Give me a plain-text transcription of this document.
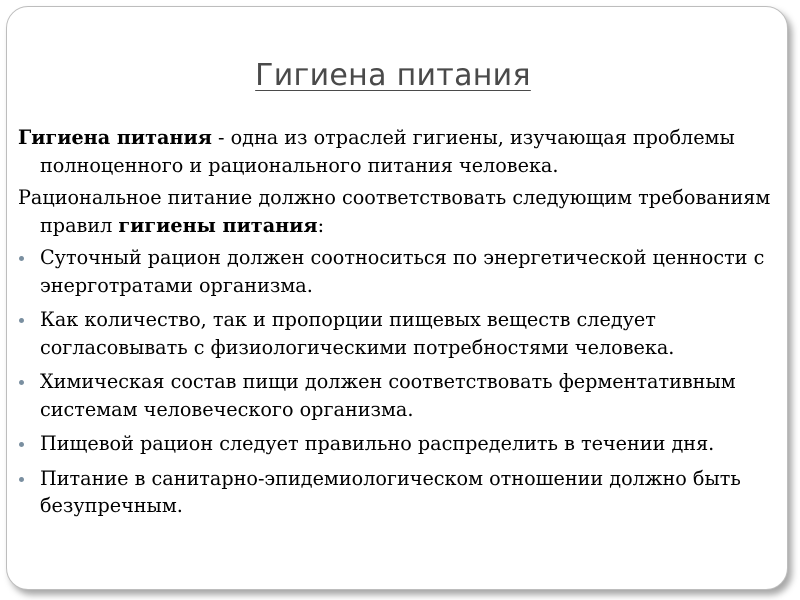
Гигиена питания

Гигиена питания - одна из отраслей гигиены, изучающая проблемы полноценного и рационального питания человека.

Рациональное питание должно соответствовать следующим требованиям правил гигиены питания:

Суточный рацион должен соотноситься по энергетической ценности с энерготратами организма.
Как количество, так и пропорции пищевых веществ следует согласовывать с физиологическими потребностями человека.
Химическая состав пищи должен соответствовать ферментативным системам человеческого организма.
Пищевой рацион следует правильно распределить в течении дня.
Питание в санитарно-эпидемиологическом отношении должно быть безупречным.
